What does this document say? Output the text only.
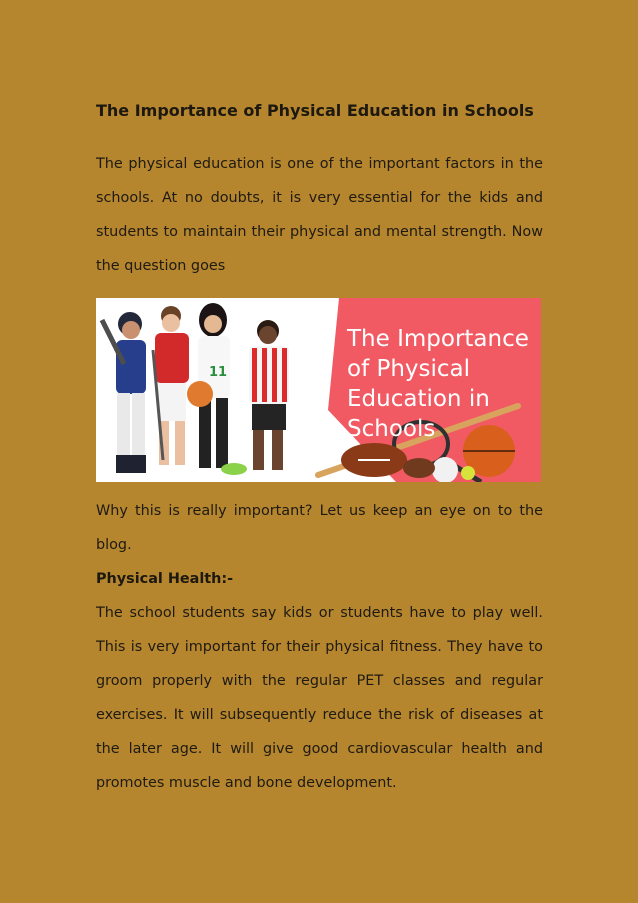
The Importance of Physical Education in Schools

The physical education is one of the important factors in the schools. At no doubts, it is very essential for the kids and students to maintain their physical and mental strength. Now the question goes

11
The Importance of Physical Education in Schools

Why this is really important? Let us keep an eye on to the blog.

Physical Health:-

The school students say kids or students have to play well. This is very important for their physical fitness. They have to groom properly with the regular PET classes and regular exercises. It will subsequently reduce the risk of diseases at the later age. It will give good cardiovascular health and promotes muscle and bone development.
